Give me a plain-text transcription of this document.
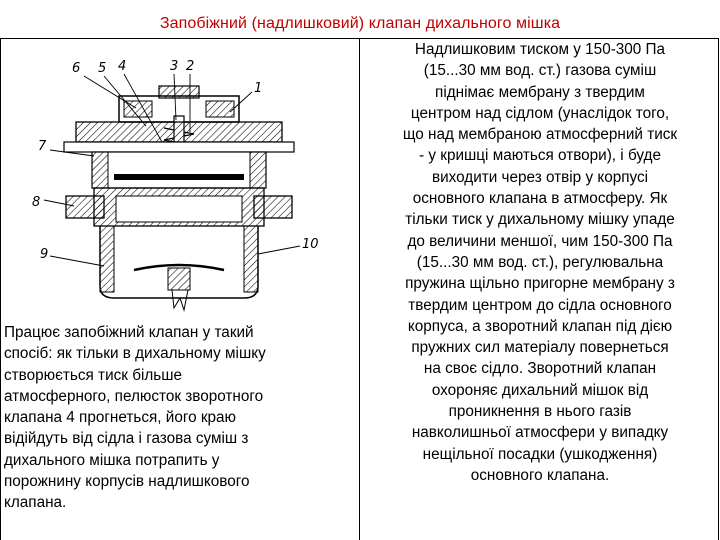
Запобіжний (надлишковий) клапан дихального мішка
6 5 4	3 2
1
7
8
9
10
Працює запобіжний клапан у такий
спосіб: як тільки в дихальному мішку
створюється тиск більше
атмосферного, пелюсток зворотного
клапана 4 прогнеться, його краю
відійдуть від сідла і газова суміш з
дихального мішка потрапить у
порожнину корпусів надлишкового
клапана.
Надлишковим тиском у 150-300 Па
(15...30 мм вод. ст.) газова суміш
піднімає мембрану з твердим
центром над сідлом (унаслідок того,
що над мембраною атмосферний тиск
- у кришці маються отвори), і буде
виходити через отвір у корпусі
основного клапана в атмосферу. Як
тільки тиск у дихальному мішку упаде
до величини меншої, чим 150-300 Па
(15...30 мм вод. ст.), регулювальна
пружина щільно пригорне мембрану з
твердим центром до сідла основного
корпуса, а зворотний клапан під дією
пружних сил матеріалу повернеться
на своє сідло. Зворотний клапан
охороняє дихальний мішок від
проникнення в нього газів
навколишньої атмосфери у випадку
нещільної посадки (ушкодження)
основного клапана.
